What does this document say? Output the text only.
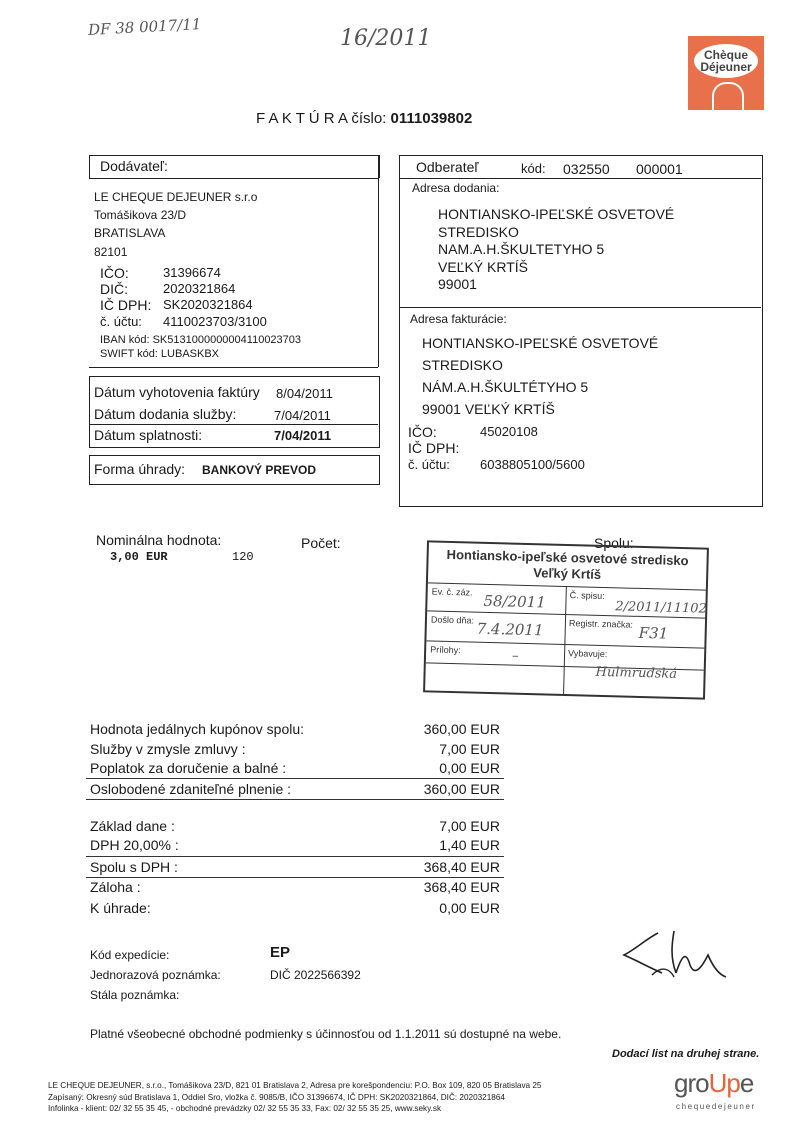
DF 38 0017/11	16/2011
Chèque
Déjeuner
F A K T Ú R A číslo: 0111039802
Dodávateľ:
LE CHEQUE DEJEUNER s.r.o
Tomášikova 23/D
BRATISLAVA
82101
IČO:	31396674
DIČ:	2020321864
IČ DPH: SK2020321864
č. účtu: 4110023703/3100
IBAN kód: SK5131000000004110023703
SWIFT kód: LUBASKBX
Dátum vyhotovenia faktúry 8/04/2011
Dátum dodania služby:	7/04/2011
Dátum splatnosti:	7/04/2011
Forma úhrady: BANKOVÝ PREVOD
Odberateľ	kód: 032550 000001
Adresa dodania:
HONTIANSKO-IPEĽSKÉ OSVETOVÉ
STREDISKO
NAM.A.H.ŠKULTETYHO 5
VEĽKÝ KRTÍŠ
99001
Adresa fakturácie:
HONTIANSKO-IPEĽSKÉ OSVETOVÉ
STREDISKO
NÁM.A.H.ŠKULTÉTYHO 5
99001 VEĽKÝ KRTÍŠ
IČO:	45020108
IČ DPH:
č. účtu: 6038805100/5600
Nominálna hodnota:	Počet:	Spolu:
3,00 EUR	120	Hontiansko-ipeľské osvetové stredisko
Veľký Krtíš
Ev. č. záz. 58/2011	Č. spisu:
2/2011/11102
Došlo dňa: 7.4.2011	Registr. značka: F31
Prílohy:	–	Vybavuje:
Hulmrudská
Hodnota jedálnych kupónov spolu:	360,00 EUR
Služby v zmysle zmluvy :	7,00 EUR
Poplatok za doručenie a balné :	0,00 EUR
Oslobodené zdaniteľné plnenie :	360,00 EUR
Základ dane :	7,00 EUR
DPH 20,00% :	1,40 EUR
Spolu s DPH :	368,40 EUR
Záloha :	368,40 EUR
K úhrade:	0,00 EUR
Kód expedície:	EP
Jednorazová poznámka:	DIČ 2022566392
Stála poznámka:
Platné všeobecné obchodné podmienky s účinnosťou od 1.1.2011 sú dostupné na webe.
Dodací list na druhej strane.
LE CHEQUE DEJEUNER, s.r.o., Tomášikova 23/D, 821 01 Bratislava 2, Adresa pre korešpondenciu: P.O. Box 109, 820 05 Bratislava 25
Zapísaný: Okresný súd Bratislava 1, Oddiel Sro, vložka č. 9085/B, IČO 31396674, IČ DPH: SK2020321864, DIČ: 2020321864
Infolinka - klient: 02/ 32 55 35 45, - obchodné prevádzky 02/ 32 55 35 33, Fax: 02/ 32 55 35 25, www.seky.sk
groUpe
chequedejeuner
